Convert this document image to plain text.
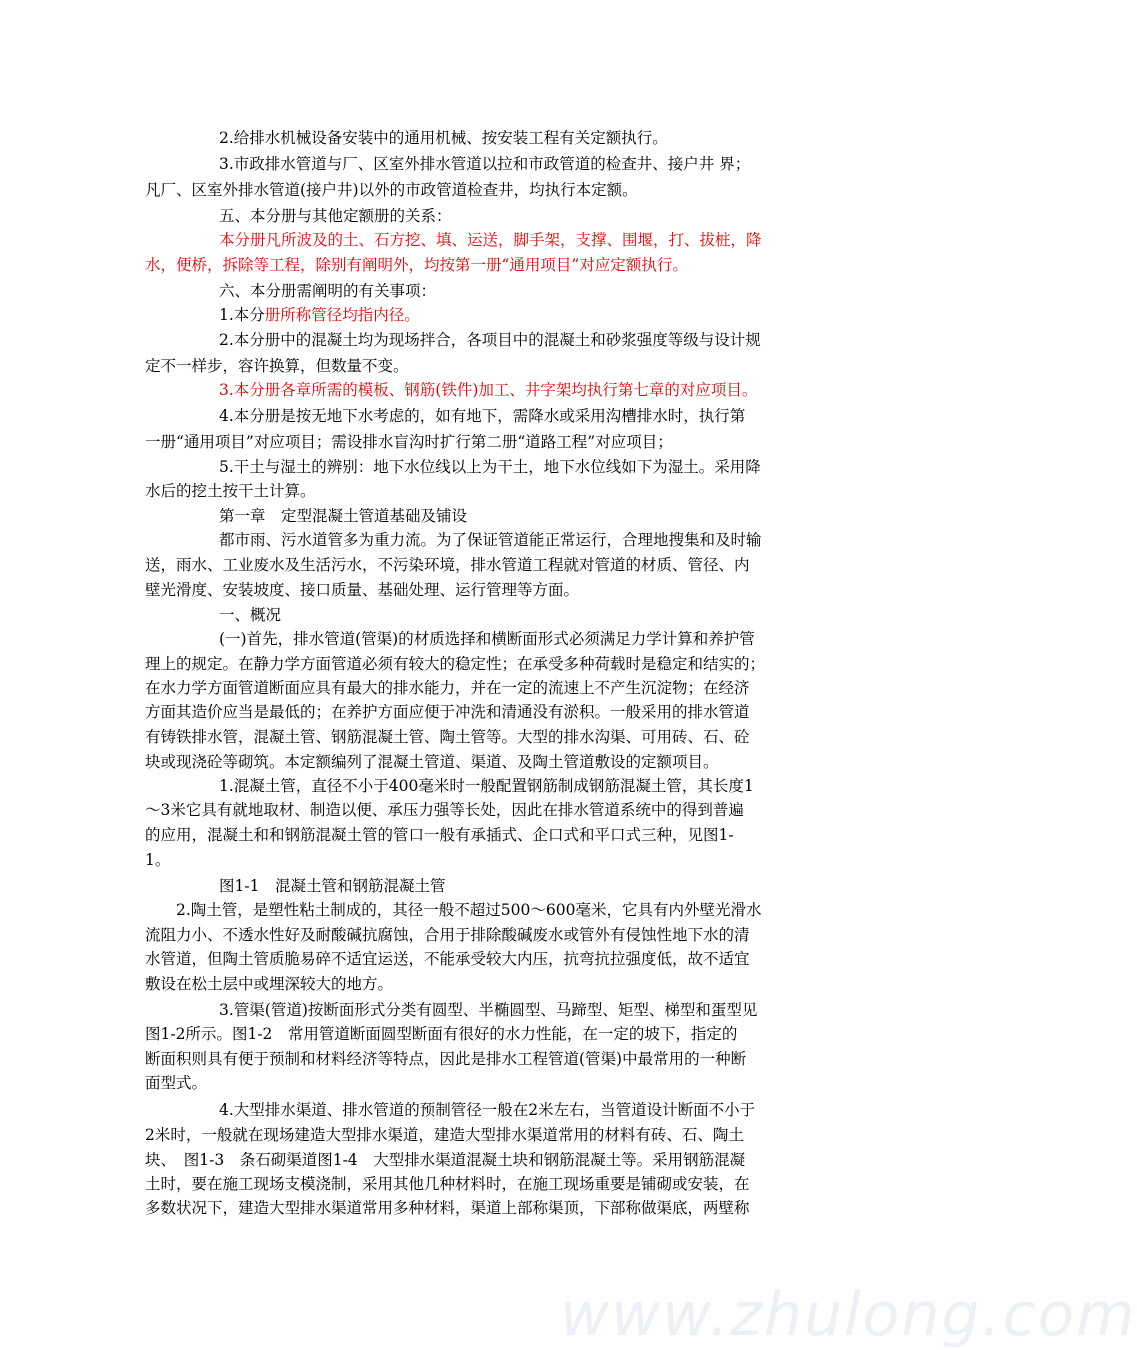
2.给排水机械设备安装中的通用机械、按安装工程有关定额执行。
3.市政排水管道与厂、区室外排水管道以拉和市政管道的检查井、接户井 界；
凡厂、区室外排水管道(接户井)以外的市政管道检查井，均执行本定额。
五、本分册与其他定额册的关系：
本分册凡所波及的土、石方挖、填、运送，脚手架，支撑、围堰，打、拔桩，降
水，便桥，拆除等工程，除别有阐明外，均按第一册“通用项目”对应定额执行。
六、本分册需阐明的有关事项：
1.本分册所称管径均指内径。
2.本分册中的混凝土均为现场拌合，各项目中的混凝土和砂浆强度等级与设计规
定不一样步，容许换算，但数量不变。
3.本分册各章所需的模板、钢筋(铁件)加工、井字架均执行第七章的对应项目。
4.本分册是按无地下水考虑的，如有地下，需降水或采用沟槽排水时，执行第
一册“通用项目”对应项目；需设排水盲沟时扩行第二册“道路工程”对应项目；
5.干土与湿土的辨别：地下水位线以上为干土，地下水位线如下为湿土。采用降
水后的挖土按干土计算。
第一章　定型混凝土管道基础及铺设
都市雨、污水道管多为重力流。为了保证管道能正常运行，合理地搜集和及时输
送，雨水、工业废水及生活污水，不污染环境，排水管道工程就对管道的材质、管径、内
壁光滑度、安装坡度、接口质量、基础处理、运行管理等方面。
一、概况
(一)首先，排水管道(管渠)的材质选择和横断面形式必须满足力学计算和养护管
理上的规定。在静力学方面管道必须有较大的稳定性；在承受多种荷载时是稳定和结实的；
在水力学方面管道断面应具有最大的排水能力，并在一定的流速上不产生沉淀物；在经济
方面其造价应当是最低的；在养护方面应便于冲洗和清通没有淤积。一般采用的排水管道
有铸铁排水管，混凝土管、钢筋混凝土管、陶土管等。大型的排水沟渠、可用砖、石、砼
块或现浇砼等砌筑。本定额编列了混凝土管道、渠道、及陶土管道敷设的定额项目。
1.混凝土管，直径不小于400毫米时一般配置钢筋制成钢筋混凝土管，其长度1
～3米它具有就地取材、制造以便、承压力强等长处，因此在排水管道系统中的得到普遍
的应用，混凝土和和钢筋混凝土管的管口一般有承插式、企口式和平口式三种，见图1-
1。
图1-1　混凝土管和钢筋混凝土管
2.陶土管，是塑性粘土制成的，其径一般不超过500～600毫米，它具有内外壁光滑水
流阻力小、不透水性好及耐酸碱抗腐蚀，合用于排除酸碱废水或管外有侵蚀性地下水的清
水管道，但陶土管质脆易碎不适宜运送，不能承受较大内压，抗弯抗拉强度低，故不适宜
敷设在松土层中或埋深较大的地方。
3.管渠(管道)按断面形式分类有圆型、半椭圆型、马蹄型、矩型、梯型和蛋型见
图1-2所示。图1-2　常用管道断面圆型断面有很好的水力性能，在一定的坡下，指定的
断面积则具有便于预制和材料经济等特点，因此是排水工程管道(管渠)中最常用的一种断
面型式。
4.大型排水渠道、排水管道的预制管径一般在2米左右，当管道设计断面不小于
2米时，一般就在现场建造大型排水渠道，建造大型排水渠道常用的材料有砖、石、陶土
块、　图1-3　条石砌渠道图1-4　大型排水渠道混凝土块和钢筋混凝土等。采用钢筋混凝
土时，要在施工现场支模浇制，采用其他几种材料时，在施工现场重要是铺砌或安装，在
多数状况下，建造大型排水渠道常用多种材料，渠道上部称渠顶，下部称做渠底，两壁称
www.zhulong.com
